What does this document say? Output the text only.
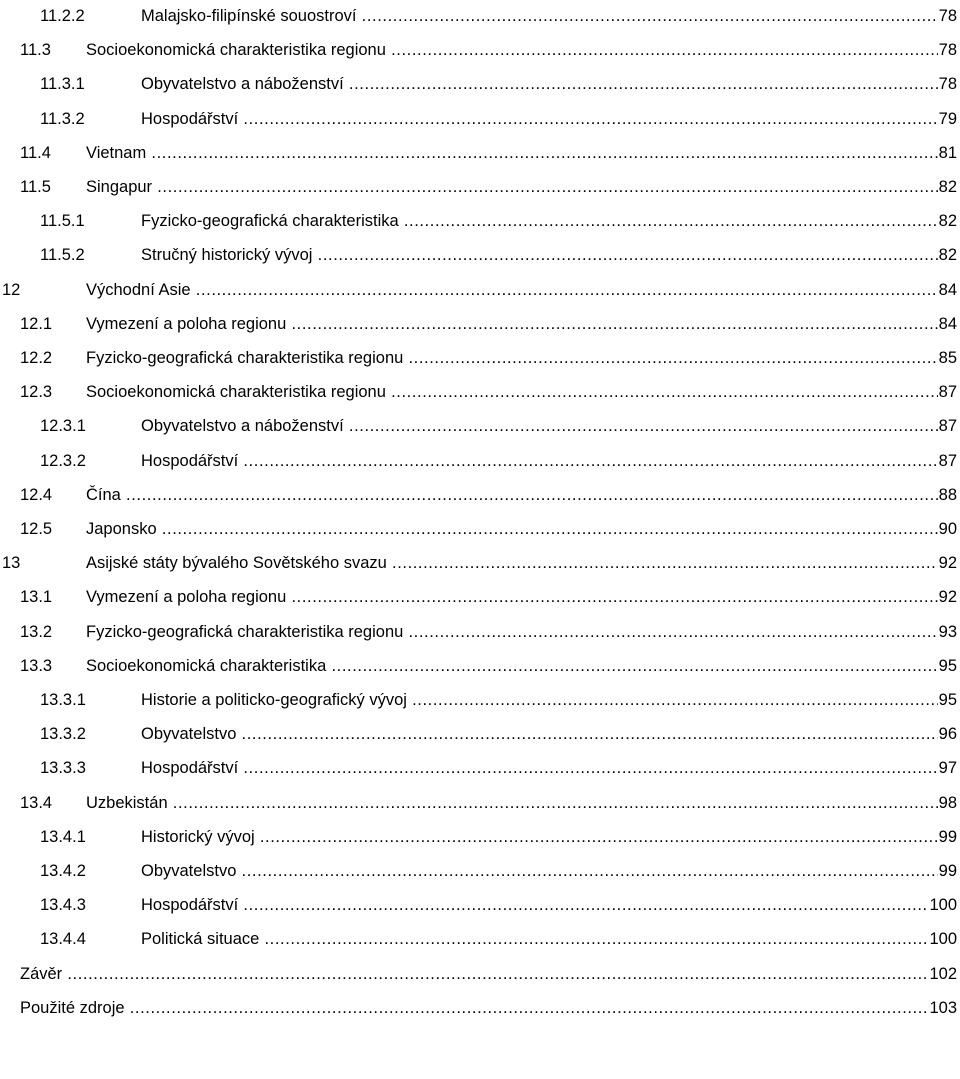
11.2.2	Malajsko-filipínské souostroví .....	78
11.3 Socioekonomická charakteristika regionu .....	78
11.3.1	Obyvatelstvo a náboženství .....	78
11.3.2	Hospodářství .....	79
11.4 Vietnam .....	81
11.5 Singapur .....	82
11.5.1	Fyzicko-geografická charakteristika .....	82
11.5.2	Stručný historický vývoj .....	82
12	Východní Asie .....	84
12.1 Vymezení a poloha regionu .....	84
12.2 Fyzicko-geografická charakteristika regionu .....	85
12.3 Socioekonomická charakteristika regionu .....	87
12.3.1	Obyvatelstvo a náboženství .....	87
12.3.2	Hospodářství .....	87
12.4 Čína .....	88
12.5 Japonsko .....	90
13	Asijské státy bývalého Sovětského svazu .....	92
13.1 Vymezení a poloha regionu .....	92
13.2 Fyzicko-geografická charakteristika regionu .....	93
13.3 Socioekonomická charakteristika .....	95
13.3.1	Historie a politicko-geografický vývoj .....	95
13.3.2	Obyvatelstvo .....	96
13.3.3	Hospodářství .....	97
13.4 Uzbekistán .....	98
13.4.1	Historický vývoj .....	99
13.4.2	Obyvatelstvo .....	99
13.4.3	Hospodářství .....	100
13.4.4	Politická situace .....	100
Závěr .....	102
Použité zdroje .....	103
